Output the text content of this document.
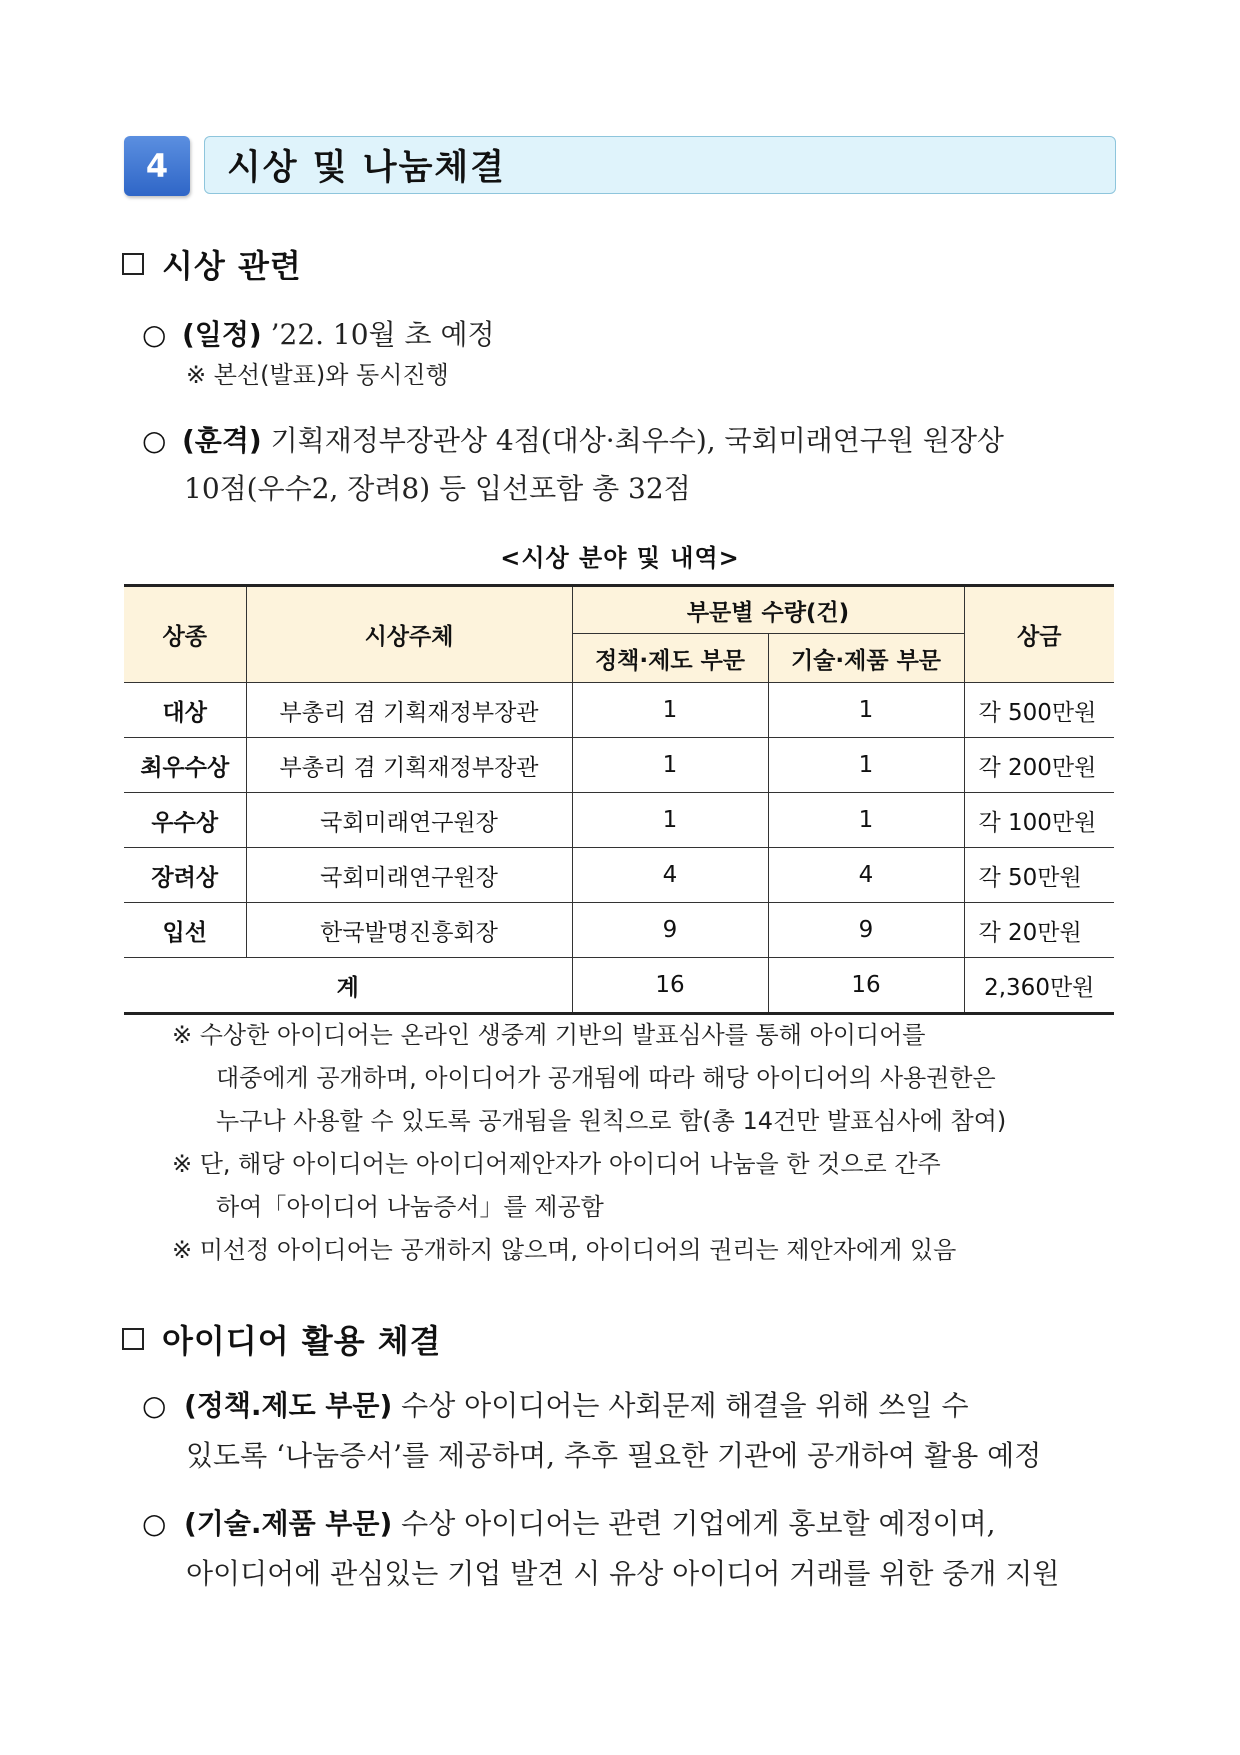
4 시상 및 나눔체결
시상 관련
○ (일정) ’22. 10월 초 예정
※ 본선(발표)와 동시진행
○ (훈격) 기획재정부장관상 4점(대상·최우수), 국회미래연구원 원장상
10점(우수2, 장려8) 등 입선포함 총 32점
<시상 분야 및 내역>
상종	시상주체	부문별 수량(건)		상금
		정책·제도 부문	기술·제품 부문	
대상	부총리 겸 기획재정부장관	1	1	각 500만원
최우수상	부총리 겸 기획재정부장관	1	1	각 200만원
우수상	국회미래연구원장	1	1	각 100만원
장려상	국회미래연구원장	4	4	각 50만원
입선	한국발명진흥회장	9	9	각 20만원
계		16	16	2,360만원
※ 수상한 아이디어는 온라인 생중계 기반의 발표심사를 통해 아이디어를
대중에게 공개하며, 아이디어가 공개됨에 따라 해당 아이디어의 사용권한은
누구나 사용할 수 있도록 공개됨을 원칙으로 함(총 14건만 발표심사에 참여)
※ 단, 해당 아이디어는 아이디어제안자가 아이디어 나눔을 한 것으로 간주
하여「아이디어 나눔증서」를 제공함
※ 미선정 아이디어는 공개하지 않으며, 아이디어의 권리는 제안자에게 있음
아이디어 활용 체결
○ (정책.제도 부문) 수상 아이디어는 사회문제 해결을 위해 쓰일 수
있도록 ‘나눔증서’를 제공하며, 추후 필요한 기관에 공개하여 활용 예정
○ (기술.제품 부문) 수상 아이디어는 관련 기업에게 홍보할 예정이며,
아이디어에 관심있는 기업 발견 시 유상 아이디어 거래를 위한 중개 지원
